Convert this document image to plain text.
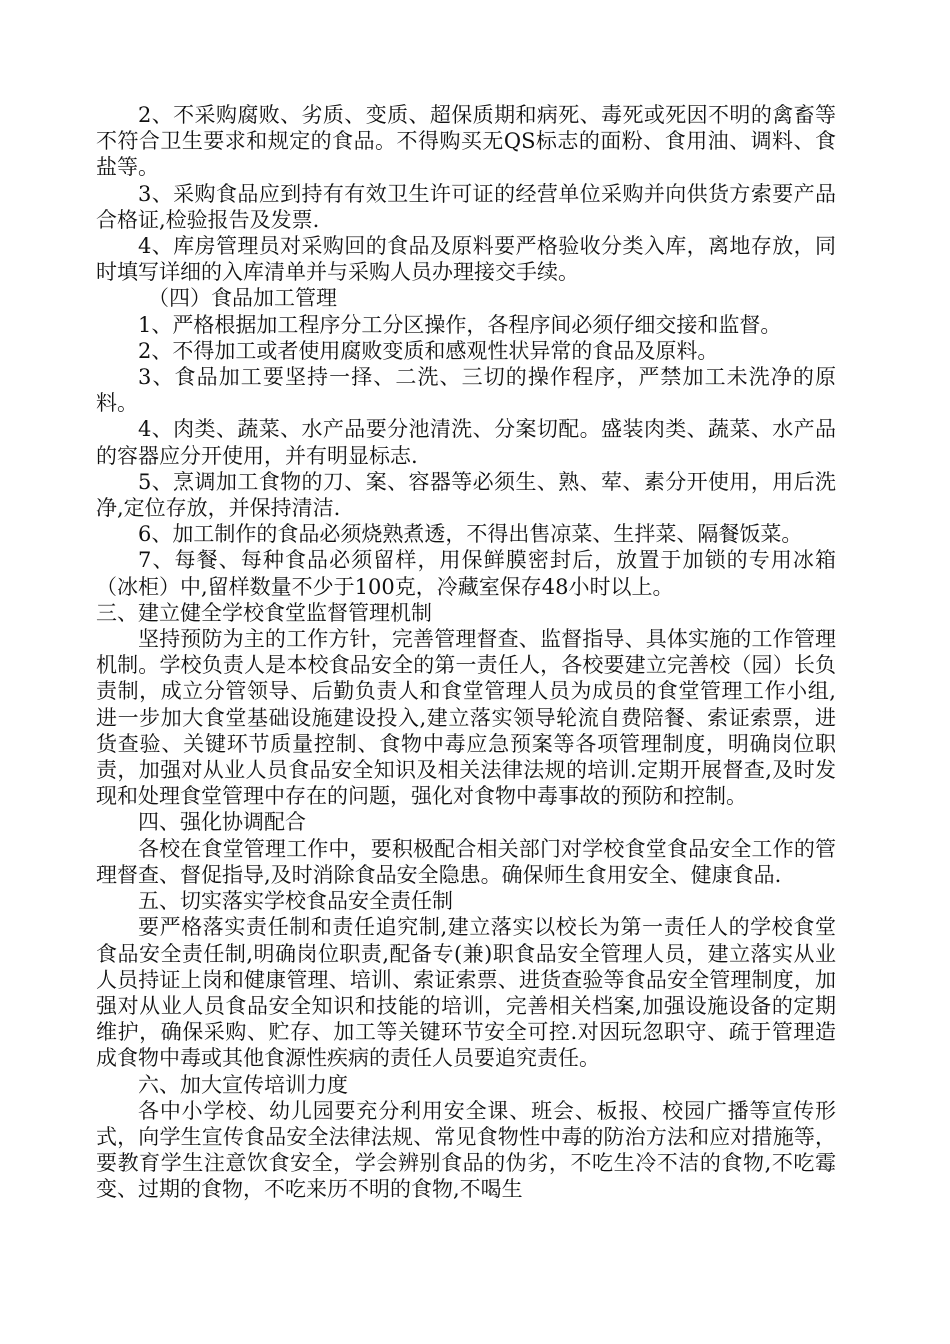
2、不采购腐败、劣质、变质、超保质期和病死、毒死或死因不明的禽畜等不符合卫生要求和规定的食品。不得购买无QS标志的面粉、食用油、调料、食盐等。

3、采购食品应到持有有效卫生许可证的经营单位采购并向供货方索要产品合格证,检验报告及发票.

4、库房管理员对采购回的食品及原料要严格验收分类入库，离地存放，同时填写详细的入库清单并与采购人员办理接交手续。

（四）食品加工管理

1、严格根据加工程序分工分区操作，各程序间必须仔细交接和监督。

2、不得加工或者使用腐败变质和感观性状异常的食品及原料。

3、食品加工要坚持一择、二洗、三切的操作程序，严禁加工未洗净的原料。

4、肉类、蔬菜、水产品要分池清洗、分案切配。盛装肉类、蔬菜、水产品的容器应分开使用，并有明显标志.

5、烹调加工食物的刀、案、容器等必须生、熟、荤、素分开使用，用后洗净,定位存放，并保持清洁.

6、加工制作的食品必须烧熟煮透，不得出售凉菜、生拌菜、隔餐饭菜。

7、每餐、每种食品必须留样，用保鲜膜密封后，放置于加锁的专用冰箱（冰柜）中,留样数量不少于100克，冷藏室保存48小时以上。

三、建立健全学校食堂监督管理机制

坚持预防为主的工作方针，完善管理督查、监督指导、具体实施的工作管理机制。学校负责人是本校食品安全的第一责任人，各校要建立完善校（园）长负责制，成立分管领导、后勤负责人和食堂管理人员为成员的食堂管理工作小组,进一步加大食堂基础设施建设投入,建立落实领导轮流自费陪餐、索证索票，进货查验、关键环节质量控制、食物中毒应急预案等各项管理制度，明确岗位职责，加强对从业人员食品安全知识及相关法律法规的培训.定期开展督查,及时发现和处理食堂管理中存在的问题，强化对食物中毒事故的预防和控制。

四、强化协调配合

各校在食堂管理工作中，要积极配合相关部门对学校食堂食品安全工作的管理督查、督促指导,及时消除食品安全隐患。确保师生食用安全、健康食品.

五、切实落实学校食品安全责任制

要严格落实责任制和责任追究制,建立落实以校长为第一责任人的学校食堂食品安全责任制,明确岗位职责,配备专(兼)职食品安全管理人员，建立落实从业人员持证上岗和健康管理、培训、索证索票、进货查验等食品安全管理制度，加强对从业人员食品安全知识和技能的培训，完善相关档案,加强设施设备的定期维护，确保采购、贮存、加工等关键环节安全可控.对因玩忽职守、疏于管理造成食物中毒或其他食源性疾病的责任人员要追究责任。

六、加大宣传培训力度

各中小学校、幼儿园要充分利用安全课、班会、板报、校园广播等宣传形式，向学生宣传食品安全法律法规、常见食物性中毒的防治方法和应对措施等，要教育学生注意饮食安全，学会辨别食品的伪劣，不吃生冷不洁的食物,不吃霉变、过期的食物，不吃来历不明的食物,不喝生
